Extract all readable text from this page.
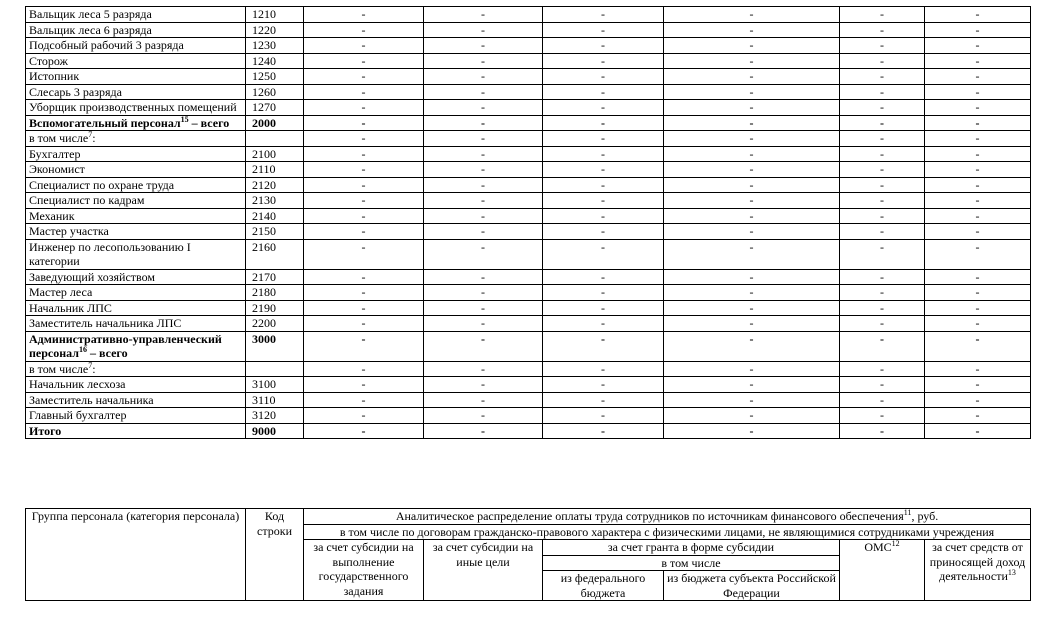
Вальщик леса 5 разряда	1210	-	-	-	-	-	-
Вальщик леса 6 разряда	1220	-	-	-	-	-	-
Подсобный рабочий 3 разряда	1230	-	-	-	-	-	-
Сторож	1240	-	-	-	-	-	-
Истопник	1250	-	-	-	-	-	-
Слесарь 3 разряда	1260	-	-	-	-	-	-
Уборщик производственных помещений	1270	-	-	-	-	-	-
Вспомогательный персонал$^{15}$ – всего	2000	-	-	-	-	-	-
в том числе$^7$:		-	-	-	-	-	-
Бухгалтер	2100	-	-	-	-	-	-
Экономист	2110	-	-	-	-	-	-
Специалист по охране труда	2120	-	-	-	-	-	-
Специалист по кадрам	2130	-	-	-	-	-	-
Механик	2140	-	-	-	-	-	-
Мастер участка	2150	-	-	-	-	-	-
Инженер по лесопользованию I категории	2160	-	-	-	-	-	-
Заведующий хозяйством	2170	-	-	-	-	-	-
Мастер леса	2180	-	-	-	-	-	-
Начальник ЛПС	2190	-	-	-	-	-	-
Заместитель начальника ЛПС	2200	-	-	-	-	-	-
Административно-управленческий персонал$^{16}$ – всего	3000	-	-	-	-	-	-
в том числе$^7$:		-	-	-	-	-	-
Начальник лесхоза	3100	-	-	-	-	-	-
Заместитель начальника	3110	-	-	-	-	-	-
Главный бухгалтер	3120	-	-	-	-	-	-
Итого	9000	-	-	-	-	-	-
Группа персонала (категория персонала)	Код строки	Аналитическое распределение оплаты труда сотрудников по источникам финансового обеспечения$^{11}$, руб.					
		в том числе по договорам гражданско-правового характера с физическими лицами, не являющимися сотрудниками учреждения					
		за счет субсидии на выполнение государственного задания	за счет субсидии на иные цели	за счет гранта в форме субсидии		ОМС$^{12}$	за счет средств от приносящей доход деятельности$^{13}$
				в том числе			
				из федерального бюджета	из бюджета субъекта Российской Федерации		
